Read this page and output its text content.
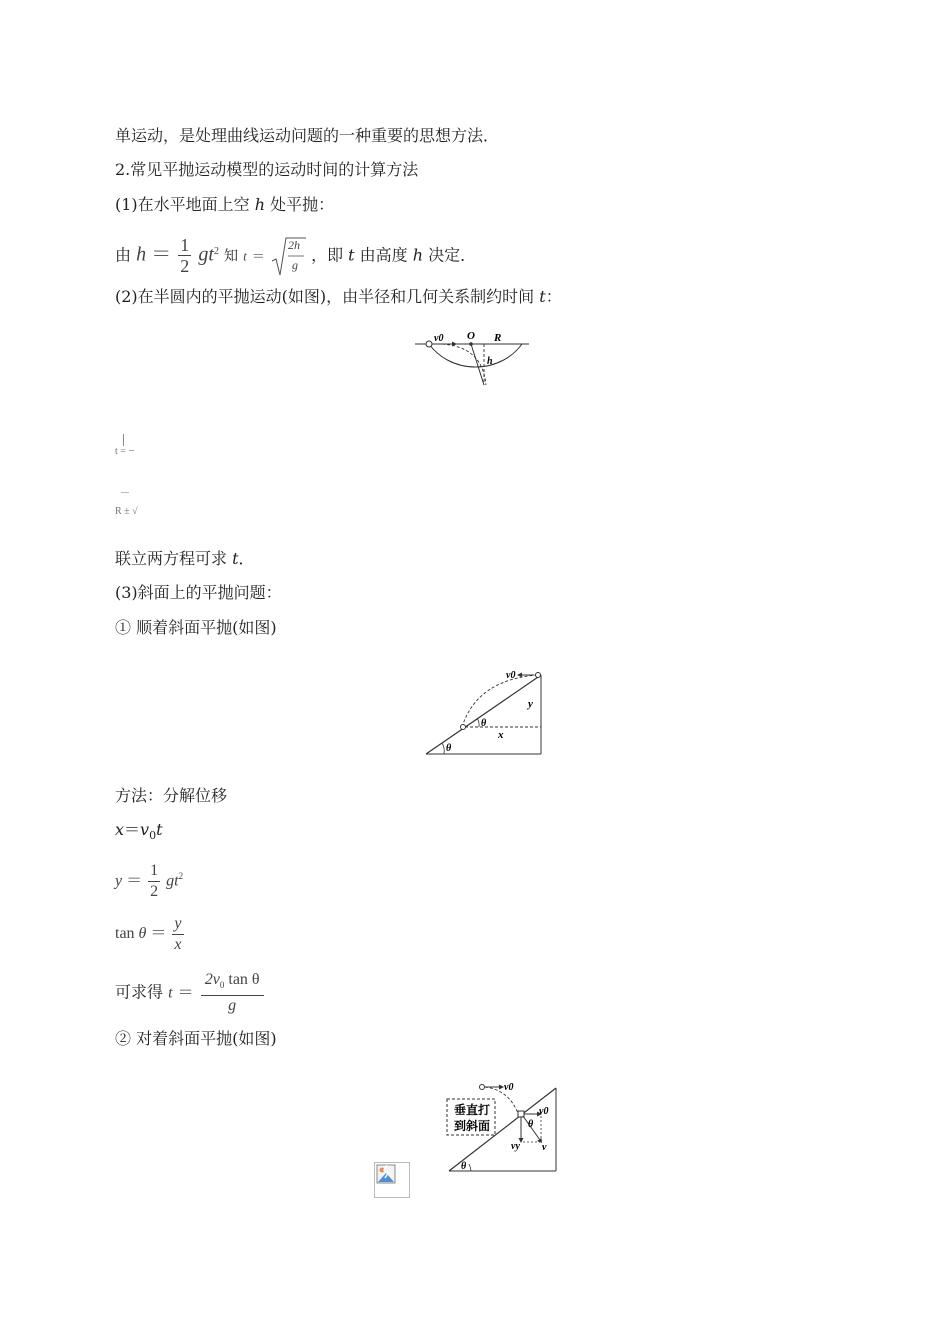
单运动，是处理曲线运动问题的一种重要的思想方法．
2.常见平抛运动模型的运动时间的计算方法
(1)在水平地面上空 h 处平抛：
由 $h = \frac{1}{2} gt^2$ 知 t ＝
2h
g
，即 t 由高度 h 决定．
(2)在半圆内的平抛运动(如图)，由半径和几何关系制约时间 t：
v0 O R
h
t =
R ± √
联立两方程可求 t．
(3)斜面上的平抛问题：
① 顺着斜面平抛(如图)
v0
y
x
θ
θ
方法：分解位移
$x=v_0t$
$y = \frac{1}{2} gt^2$
$\tan \theta = \frac{y}{x}$
可求得 $t = \frac{2v_0 \tan \theta}{g}$
② 对着斜面平抛(如图)
垂直打
到斜面
v0
v0
θ
vy v
θ
